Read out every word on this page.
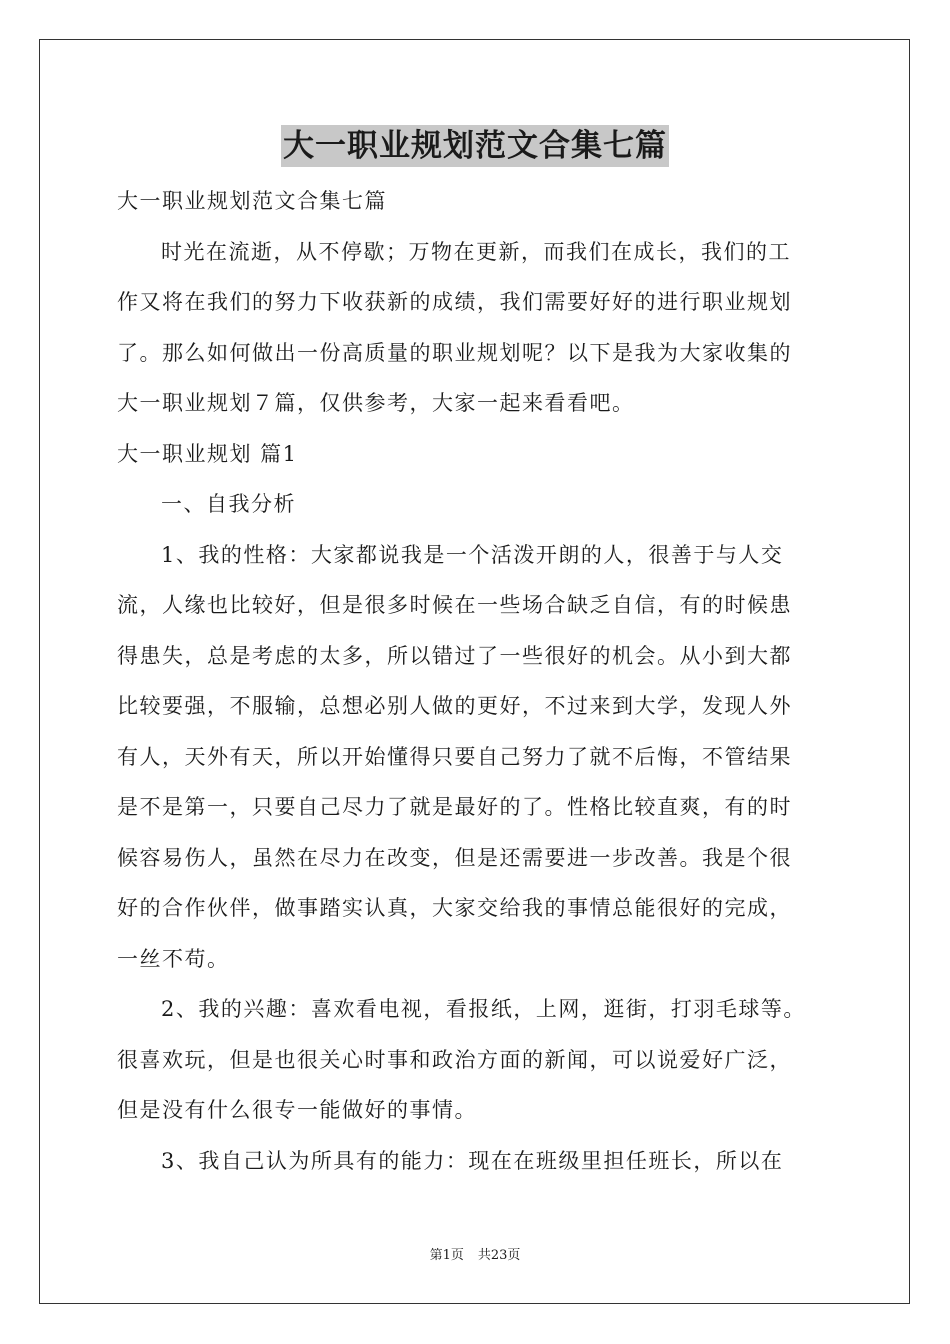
大一职业规划范文合集七篇

大一职业规划范文合集七篇

时光在流逝，从不停歇；万物在更新，而我们在成长，我们的工

作又将在我们的努力下收获新的成绩，我们需要好好的进行职业规划

了。那么如何做出一份高质量的职业规划呢？以下是我为大家收集的

大一职业规划７篇，仅供参考，大家一起来看看吧。

大一职业规划 篇1

一、自我分析

1、我的性格：大家都说我是一个活泼开朗的人，很善于与人交

流，人缘也比较好，但是很多时候在一些场合缺乏自信，有的时候患

得患失，总是考虑的太多，所以错过了一些很好的机会。从小到大都

比较要强，不服输，总想必别人做的更好，不过来到大学，发现人外

有人，天外有天，所以开始懂得只要自己努力了就不后悔，不管结果

是不是第一，只要自己尽力了就是最好的了。性格比较直爽，有的时

候容易伤人，虽然在尽力在改变，但是还需要进一步改善。我是个很

好的合作伙伴，做事踏实认真，大家交给我的事情总能很好的完成，

一丝不苟。

2、我的兴趣：喜欢看电视，看报纸，上网，逛街，打羽毛球等。

很喜欢玩，但是也很关心时事和政治方面的新闻，可以说爱好广泛，

但是没有什么很专一能做好的事情。

3、我自己认为所具有的能力：现在在班级里担任班长，所以在

第1页 共23页
